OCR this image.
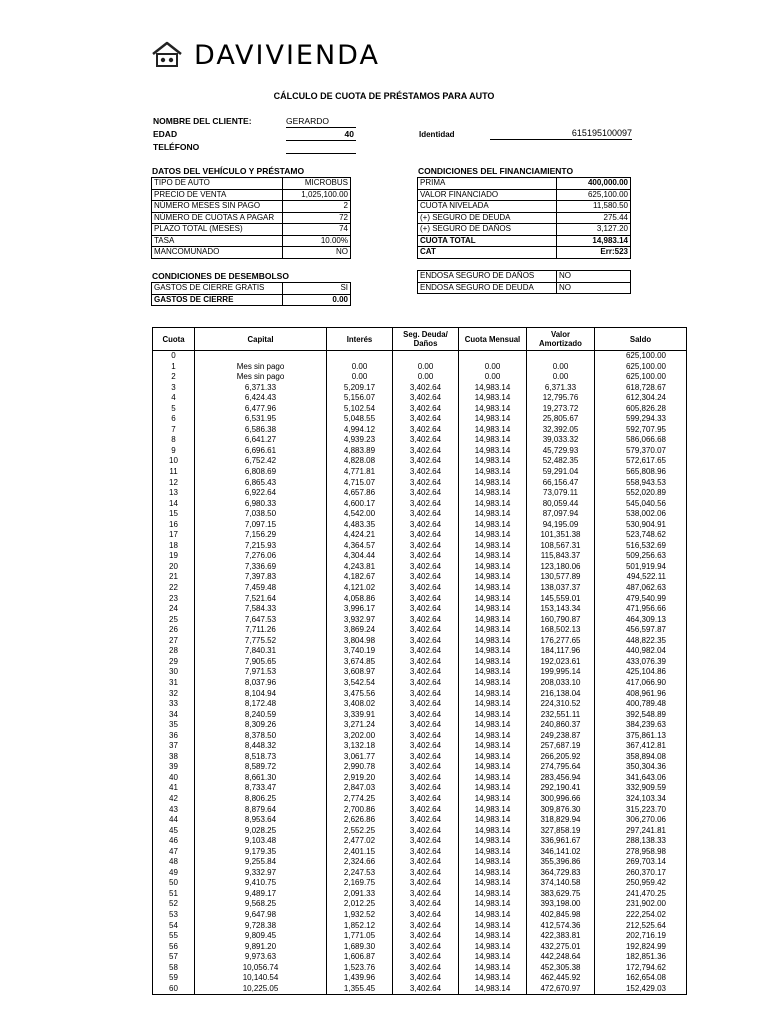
DAVIVIENDA
CÁLCULO DE CUOTA DE PRÉSTAMOS PARA AUTO
NOMBRE DEL CLIENTE:	GERARDO
EDAD	40	Identidad	615195100097
TELÉFONO
DATOS DEL VEHÍCULO Y PRÉSTAMO
TIPO DE AUTO	MICROBUS
PRECIO DE VENTA	1,025,100.00
NÚMERO MESES SIN PAGO	2
NÚMERO DE CUOTAS A PAGAR	72
PLAZO TOTAL (MESES)	74
TASA	10.00%
MANCOMUNADO	NO
CONDICIONES DEL FINANCIAMIENTO
PRIMA	400,000.00
VALOR FINANCIADO	625,100.00
CUOTA NIVELADA	11,580.50
(+) SEGURO DE DEUDA	275.44
(+) SEGURO DE DAÑOS	3,127.20
CUOTA TOTAL	14,983.14
CAT	Err:523
CONDICIONES DE DESEMBOLSO
GASTOS DE CIERRE GRATIS	SI
GASTOS DE CIERRE	0.00
ENDOSA SEGURO DE DAÑOS	NO
ENDOSA SEGURO DE DEUDA	NO
Cuota	Capital	Interés	Seg. Deuda/ Daños	Cuota Mensual	Valor Amortizado	Saldo
0						625,100.00
1	Mes sin pago	0.00	0.00	0.00	0.00	625,100.00
2	Mes sin pago	0.00	0.00	0.00	0.00	625,100.00
3	6,371.33	5,209.17	3,402.64	14,983.14	6,371.33	618,728.67
4	6,424.43	5,156.07	3,402.64	14,983.14	12,795.76	612,304.24
5	6,477.96	5,102.54	3,402.64	14,983.14	19,273.72	605,826.28
6	6,531.95	5,048.55	3,402.64	14,983.14	25,805.67	599,294.33
7	6,586.38	4,994.12	3,402.64	14,983.14	32,392.05	592,707.95
8	6,641.27	4,939.23	3,402.64	14,983.14	39,033.32	586,066.68
9	6,696.61	4,883.89	3,402.64	14,983.14	45,729.93	579,370.07
10	6,752.42	4,828.08	3,402.64	14,983.14	52,482.35	572,617.65
11	6,808.69	4,771.81	3,402.64	14,983.14	59,291.04	565,808.96
12	6,865.43	4,715.07	3,402.64	14,983.14	66,156.47	558,943.53
13	6,922.64	4,657.86	3,402.64	14,983.14	73,079.11	552,020.89
14	6,980.33	4,600.17	3,402.64	14,983.14	80,059.44	545,040.56
15	7,038.50	4,542.00	3,402.64	14,983.14	87,097.94	538,002.06
16	7,097.15	4,483.35	3,402.64	14,983.14	94,195.09	530,904.91
17	7,156.29	4,424.21	3,402.64	14,983.14	101,351.38	523,748.62
18	7,215.93	4,364.57	3,402.64	14,983.14	108,567.31	516,532.69
19	7,276.06	4,304.44	3,402.64	14,983.14	115,843.37	509,256.63
20	7,336.69	4,243.81	3,402.64	14,983.14	123,180.06	501,919.94
21	7,397.83	4,182.67	3,402.64	14,983.14	130,577.89	494,522.11
22	7,459.48	4,121.02	3,402.64	14,983.14	138,037.37	487,062.63
23	7,521.64	4,058.86	3,402.64	14,983.14	145,559.01	479,540.99
24	7,584.33	3,996.17	3,402.64	14,983.14	153,143.34	471,956.66
25	7,647.53	3,932.97	3,402.64	14,983.14	160,790.87	464,309.13
26	7,711.26	3,869.24	3,402.64	14,983.14	168,502.13	456,597.87
27	7,775.52	3,804.98	3,402.64	14,983.14	176,277.65	448,822.35
28	7,840.31	3,740.19	3,402.64	14,983.14	184,117.96	440,982.04
29	7,905.65	3,674.85	3,402.64	14,983.14	192,023.61	433,076.39
30	7,971.53	3,608.97	3,402.64	14,983.14	199,995.14	425,104.86
31	8,037.96	3,542.54	3,402.64	14,983.14	208,033.10	417,066.90
32	8,104.94	3,475.56	3,402.64	14,983.14	216,138.04	408,961.96
33	8,172.48	3,408.02	3,402.64	14,983.14	224,310.52	400,789.48
34	8,240.59	3,339.91	3,402.64	14,983.14	232,551.11	392,548.89
35	8,309.26	3,271.24	3,402.64	14,983.14	240,860.37	384,239.63
36	8,378.50	3,202.00	3,402.64	14,983.14	249,238.87	375,861.13
37	8,448.32	3,132.18	3,402.64	14,983.14	257,687.19	367,412.81
38	8,518.73	3,061.77	3,402.64	14,983.14	266,205.92	358,894.08
39	8,589.72	2,990.78	3,402.64	14,983.14	274,795.64	350,304.36
40	8,661.30	2,919.20	3,402.64	14,983.14	283,456.94	341,643.06
41	8,733.47	2,847.03	3,402.64	14,983.14	292,190.41	332,909.59
42	8,806.25	2,774.25	3,402.64	14,983.14	300,996.66	324,103.34
43	8,879.64	2,700.86	3,402.64	14,983.14	309,876.30	315,223.70
44	8,953.64	2,626.86	3,402.64	14,983.14	318,829.94	306,270.06
45	9,028.25	2,552.25	3,402.64	14,983.14	327,858.19	297,241.81
46	9,103.48	2,477.02	3,402.64	14,983.14	336,961.67	288,138.33
47	9,179.35	2,401.15	3,402.64	14,983.14	346,141.02	278,958.98
48	9,255.84	2,324.66	3,402.64	14,983.14	355,396.86	269,703.14
49	9,332.97	2,247.53	3,402.64	14,983.14	364,729.83	260,370.17
50	9,410.75	2,169.75	3,402.64	14,983.14	374,140.58	250,959.42
51	9,489.17	2,091.33	3,402.64	14,983.14	383,629.75	241,470.25
52	9,568.25	2,012.25	3,402.64	14,983.14	393,198.00	231,902.00
53	9,647.98	1,932.52	3,402.64	14,983.14	402,845.98	222,254.02
54	9,728.38	1,852.12	3,402.64	14,983.14	412,574.36	212,525.64
55	9,809.45	1,771.05	3,402.64	14,983.14	422,383.81	202,716.19
56	9,891.20	1,689.30	3,402.64	14,983.14	432,275.01	192,824.99
57	9,973.63	1,606.87	3,402.64	14,983.14	442,248.64	182,851.36
58	10,056.74	1,523.76	3,402.64	14,983.14	452,305.38	172,794.62
59	10,140.54	1,439.96	3,402.64	14,983.14	462,445.92	162,654.08
60	10,225.05	1,355.45	3,402.64	14,983.14	472,670.97	152,429.03
